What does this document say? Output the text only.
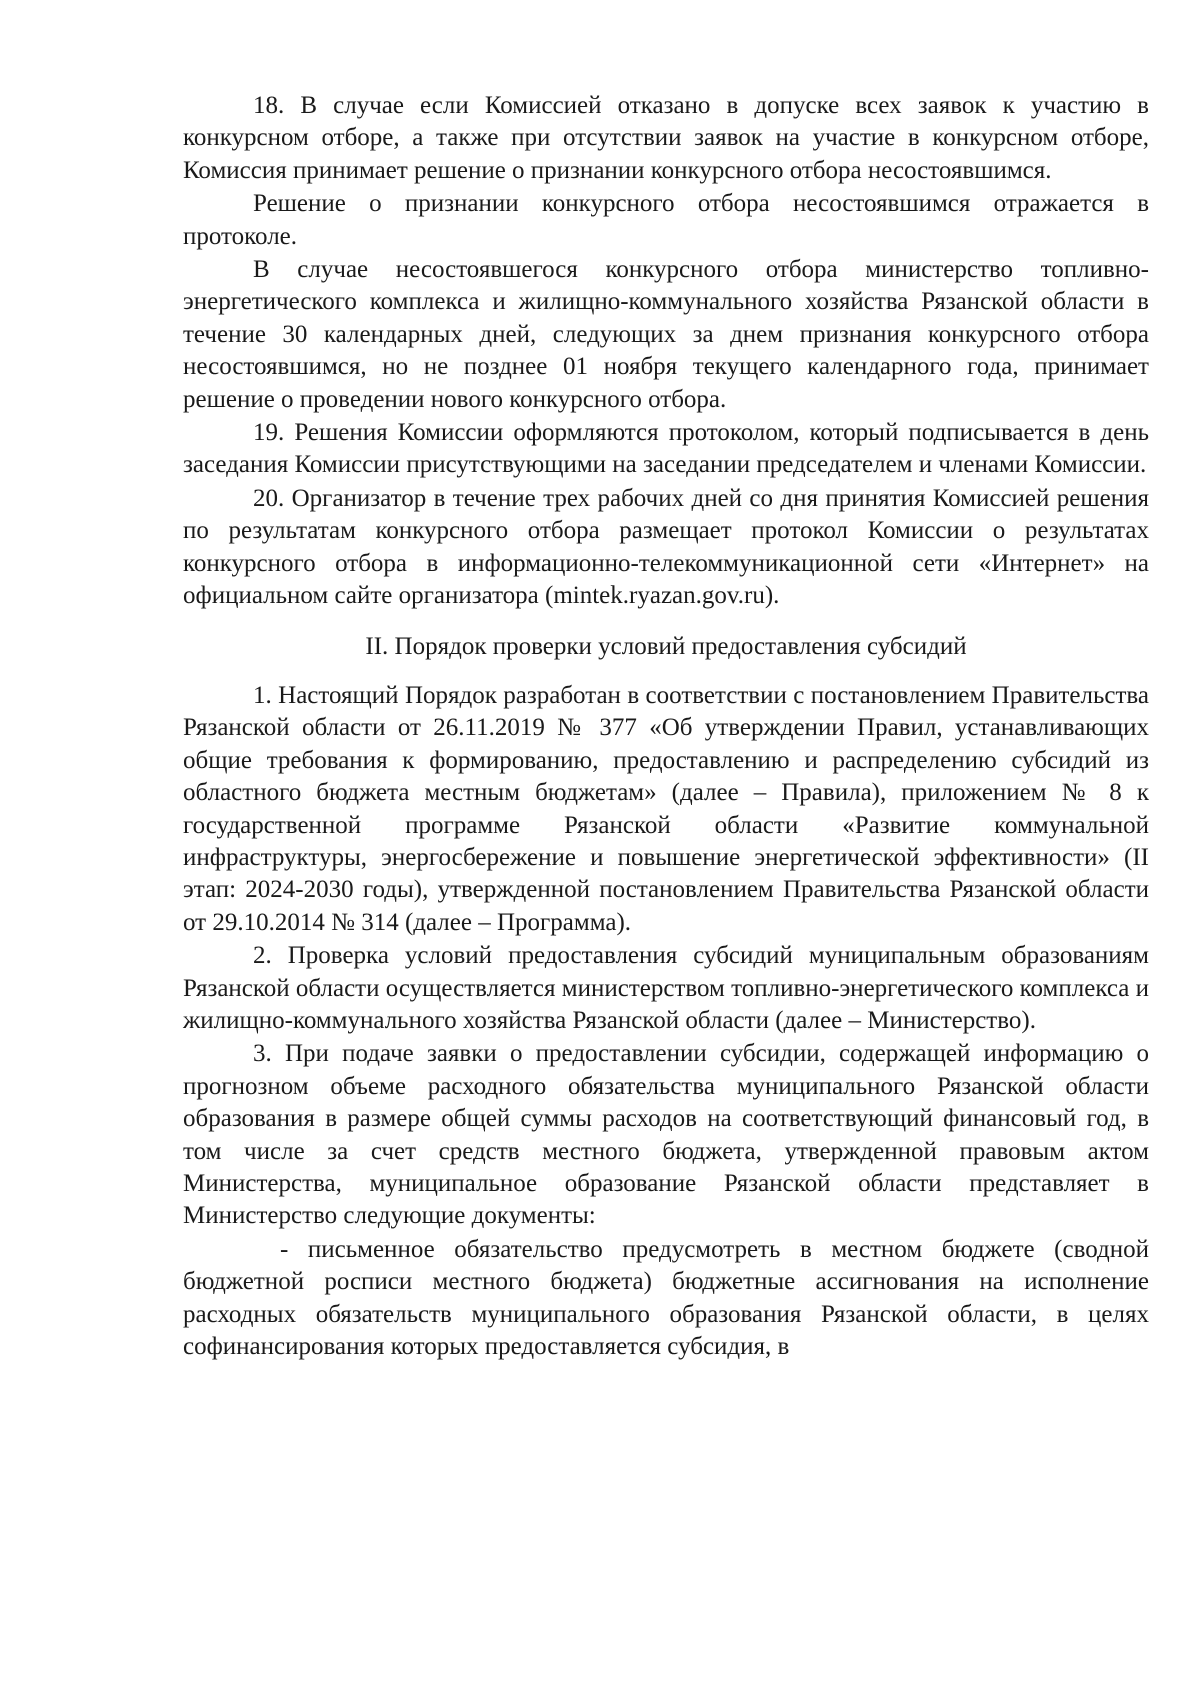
18. В случае если Комиссией отказано в допуске всех заявок к участию в конкурсном отборе, а также при отсутствии заявок на участие в конкурсном отборе, Комиссия принимает решение о признании конкурсного отбора несостоявшимся.

Решение о признании конкурсного отбора несостоявшимся отражается в протоколе.

В случае несостоявшегося конкурсного отбора министерство топливно-энергетического комплекса и жилищно-коммунального хозяйства Рязанской области в течение 30 календарных дней, следующих за днем признания конкурсного отбора несостоявшимся, но не позднее 01 ноября текущего календарного года, принимает решение о проведении нового конкурсного отбора.

19. Решения Комиссии оформляются протоколом, который подписывается в день заседания Комиссии присутствующими на заседании председателем и членами Комиссии.

20. Организатор в течение трех рабочих дней со дня принятия Комиссией решения по результатам конкурсного отбора размещает протокол Комиссии о результатах конкурсного отбора в информационно-телекоммуникационной сети «Интернет» на официальном сайте организатора (mintek.ryazan.gov.ru).

II. Порядок проверки условий предоставления субсидий

1. Настоящий Порядок разработан в соответствии с постановлением Правительства Рязанской области от 26.11.2019 № 377 «Об утверждении Правил, устанавливающих общие требования к формированию, предоставлению и распределению субсидий из областного бюджета местным бюджетам» (далее – Правила), приложением № 8 к государственной программе Рязанской области «Развитие коммунальной инфраструктуры, энергосбережение и повышение энергетической эффективности» (II этап: 2024-2030 годы), утвержденной постановлением Правительства Рязанской области от 29.10.2014 № 314 (далее – Программа).

2. Проверка условий предоставления субсидий муниципальным образованиям Рязанской области осуществляется министерством топливно-энергетического комплекса и жилищно-коммунального хозяйства Рязанской области (далее – Министерство).

3. При подаче заявки о предоставлении субсидии, содержащей информацию о прогнозном объеме расходного обязательства муниципального Рязанской области образования в размере общей суммы расходов на соответствующий финансовый год, в том числе за счет средств местного бюджета, утвержденной правовым актом Министерства, муниципальное образование Рязанской области представляет в Министерство следующие документы:

- письменное обязательство предусмотреть в местном бюджете (сводной бюджетной росписи местного бюджета) бюджетные ассигнования на исполнение расходных обязательств муниципального образования Рязанской области, в целях софинансирования которых предоставляется субсидия, в
